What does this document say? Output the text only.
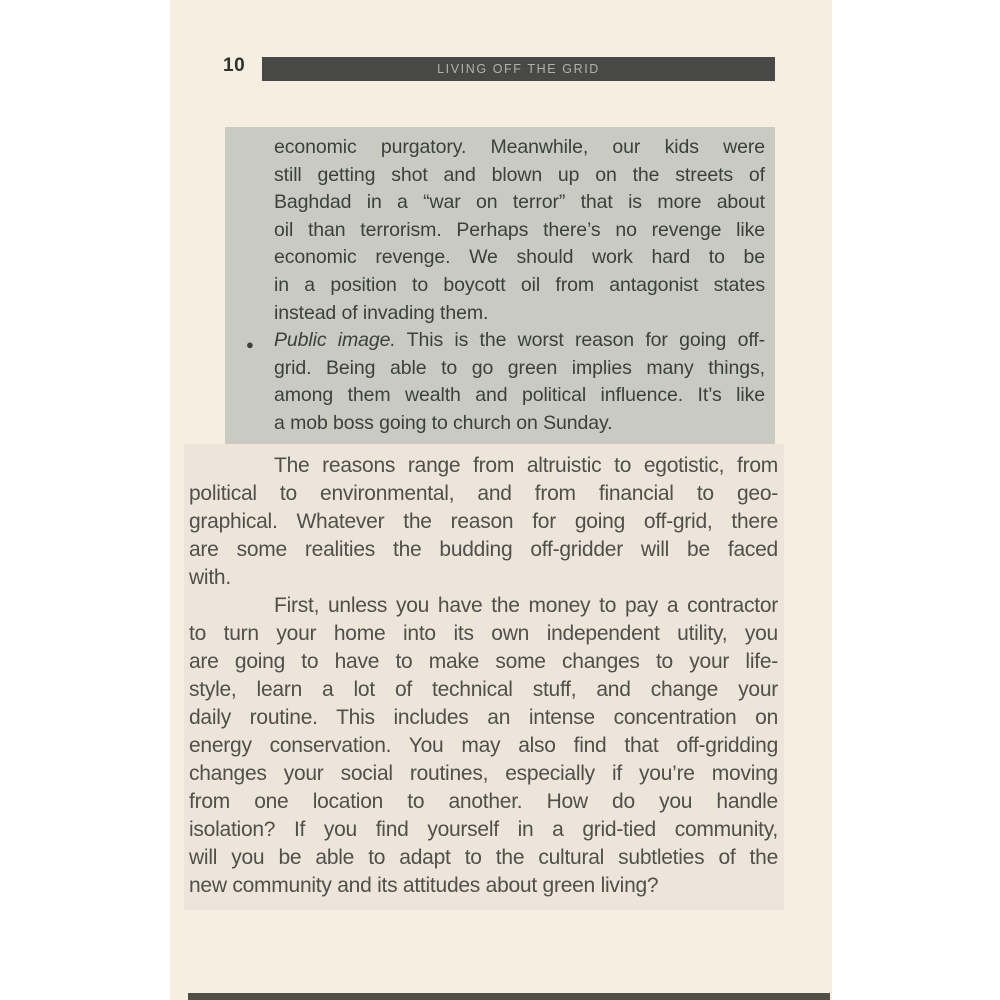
10	LIVING OFF THE GRID
economic purgatory. Meanwhile, our kids were
still getting shot and blown up on the streets of
Baghdad in a “war on terror” that is more about
oil than terrorism. Perhaps there’s no revenge like
economic revenge. We should work hard to be
in a position to boycott oil from antagonist states
instead of invading them.
Public image. This is the worst reason for going off-
grid. Being able to go green implies many things,
among them wealth and political influence. It’s like
a mob boss going to church on Sunday.
●
The reasons range from altruistic to egotistic, from
political to environmental, and from financial to geo-
graphical. Whatever the reason for going off-grid, there
are some realities the budding off-gridder will be faced
with.
First, unless you have the money to pay a contractor
to turn your home into its own independent utility, you
are going to have to make some changes to your life-
style, learn a lot of technical stuff, and change your
daily routine. This includes an intense concentration on
energy conservation. You may also find that off-gridding
changes your social routines, especially if you’re moving
from one location to another. How do you handle
isolation? If you find yourself in a grid-tied community,
will you be able to adapt to the cultural subtleties of the
new community and its attitudes about green living?
